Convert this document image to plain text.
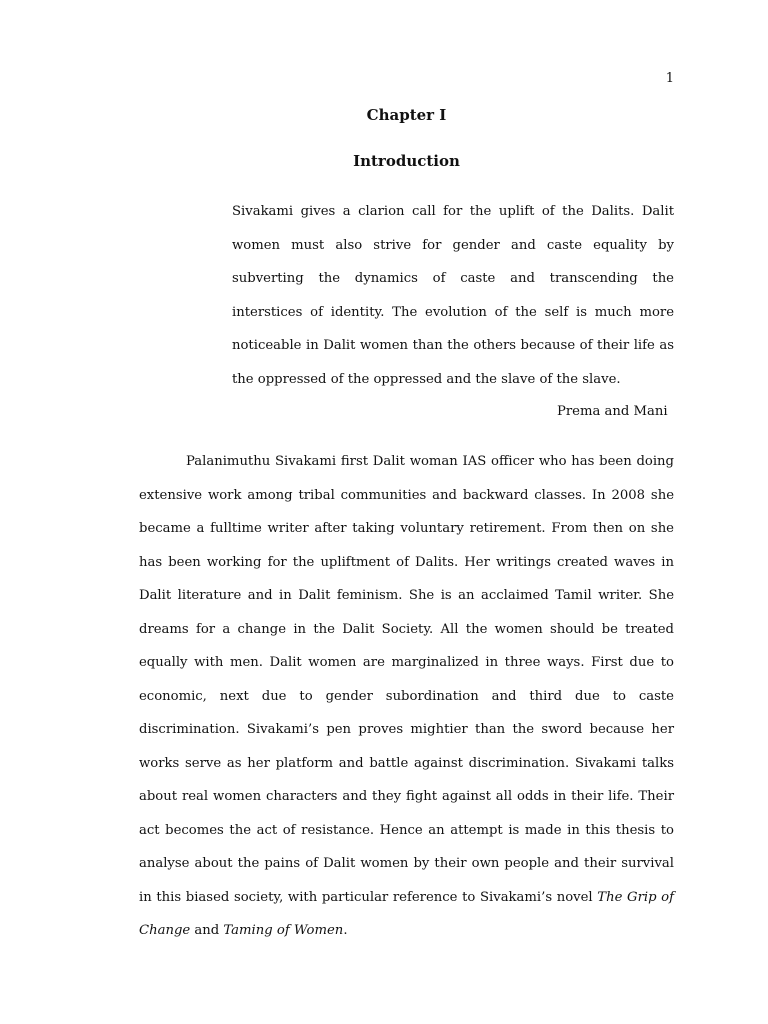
1
Chapter I
Introduction

Sivakami gives a clarion call for the uplift of the Dalits. Dalit women must also strive for gender and caste equality by subverting the dynamics of caste and transcending the interstices of identity. The evolution of the self is much more noticeable in Dalit women than the others because of their life as the oppressed of the oppressed and the slave of the slave.

Prema and Mani

Palanimuthu Sivakami first Dalit woman IAS officer who has been doing extensive work among tribal communities and backward classes. In 2008 she became a fulltime writer after taking voluntary retirement. From then on she has been working for the upliftment of Dalits. Her writings created waves in Dalit literature and in Dalit feminism. She is an acclaimed Tamil writer. She dreams for a change in the Dalit Society. All the women should be treated equally with men. Dalit women are marginalized in three ways. First due to economic, next due to gender subordination and third due to caste discrimination. Sivakami’s pen proves mightier than the sword because her works serve as her platform and battle against discrimination. Sivakami talks about real women characters and they fight against all odds in their life. Their act becomes the act of resistance. Hence an attempt is made in this thesis to analyse about the pains of Dalit women by their own people and their survival in this biased society, with particular reference to Sivakami’s novel The Grip of Change and Taming of Women.
